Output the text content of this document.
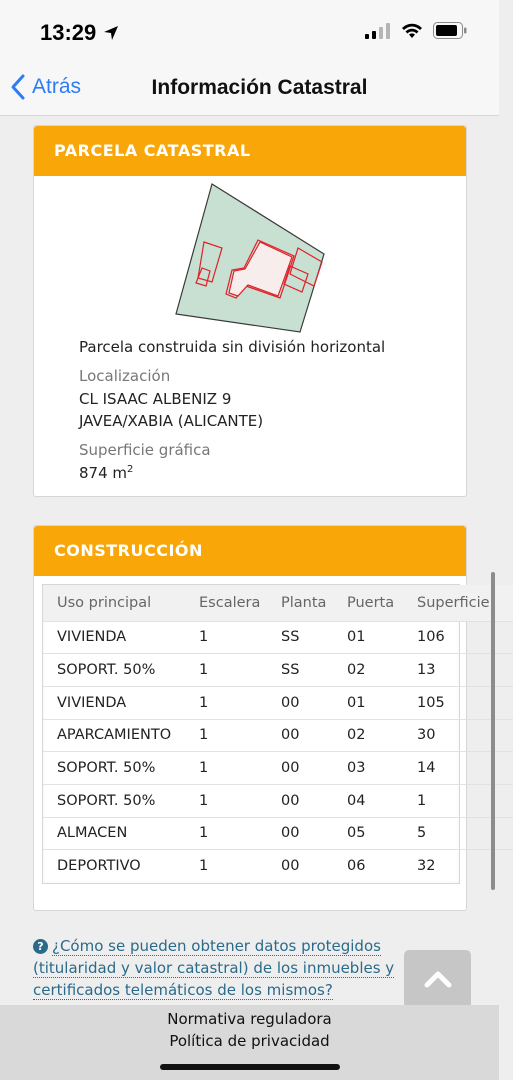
13:29
Atrás	Información Catastral
PARCELA CATASTRAL
Parcela construida sin división horizontal
Localización
CL ISAAC ALBENIZ 9
JAVEA/XABIA (ALICANTE)
Superficie gráfica
874 $m^2$
CONSTRUCCIÓN
Uso principal	Escalera	Planta	Puerta	Superficie
VIVIENDA	1	SS	01	106
SOPORT. 50%	1	SS	02	13
VIVIENDA	1	00	01	105
APARCAMIENTO	1	00	02	30
SOPORT. 50%	1	00	03	14
SOPORT. 50%	1	00	04	1
ALMACEN	1	00	05	5
DEPORTIVO	1	00	06	32
? ¿Cómo se pueden obtener datos protegidos (titularidad y valor catastral) de los inmuebles y certificados telemáticos de los mismos?
Normativa reguladora
Política de privacidad
